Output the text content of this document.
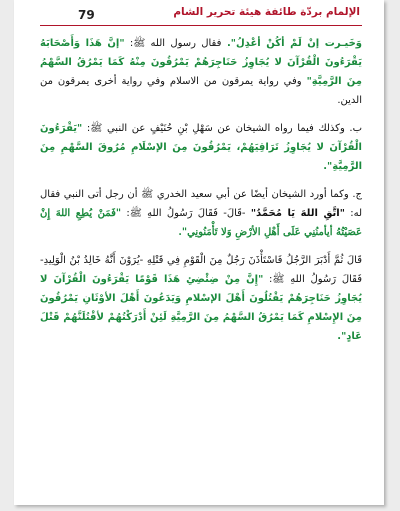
79	الإلمام بردّة طائفة هيئة تحرير الشام

وَخَيـرت إنْ لَمْ أكُنْ أعْدِلُ". فقال رسول الله ﷺ: "إنَّ هَذَا وَأَصْحَابَهُ يَقْرَءُونَ الْقُرْآنَ لا يُجَاوِزُ حَنَاجِرَهُمْ يَمْرُقُونَ مِنْهُ كَمَا يَمْرُقُ السَّهْمُ مِنَ الرَّمِيَّةِ" وفي رواية يمرقون من الاسلام وفي رواية أخرى يمرقون من الدين.

ب. وكذلك فيما رواه الشيخان عن سَهْلِ بْنِ حُنَيْفٍ عن النبي ﷺ: "يَقْرَءُونَ الْقُرْآنَ لا يُجَاوِزُ تَرَاقِيَهُمْ، يَمْرُقُونَ مِنَ الإسْلَامِ مُرُوقَ السَّهْمِ مِنَ الرَّمِيَّةِ".

ج. وكما أورد الشيخان أيضًا عن أبي سعيد الخدري ﷺ أن رجل أتى النبي فقال له: "اتَّقِ اللهَ يَا مُحَمَّدُ" -قَالَ- فَقَالَ رَسُولُ اللهِ ﷺ: "فَمَنْ يُطِعِ اللهَ إِنْ عَصَيْتُهُ أيأمنُنِي عَلَى أَهْلِ الأرْضِ وَلا تَأْمَنُونِي".

قَالَ ثُمَّ أَدْبَرَ الرَّجُلُ فَاسْتَأْذَنَ رَجُلٌ مِنَ الْقَوْمِ فِي قَتْلِهِ -يُرَوْنَ أَنَّهُ خَالِدُ بْنُ الْوَلِيدِ- فَقَالَ رَسُولُ اللهِ ﷺ: "إِنَّ مِنْ ضِئْضِئِ هَذَا قَوْمًا يَقْرَءُونَ الْقُرْآنَ لا يُجَاوِزُ حَنَاجِرَهُمْ يَقْتُلُونَ أَهْلَ الإسْلامِ وَيَدَعُونَ أَهْلَ الأوْثَانِ يَمْرُقُونَ مِنَ الإِسْلامِ كَمَا يَمْرُقُ السَّهْمُ مِنَ الرَّمِيَّةِ لَئِنْ أَدْرَكْتُهُمْ لأقْتُلَنَّهُمْ قَتْلَ عَادٍ".
